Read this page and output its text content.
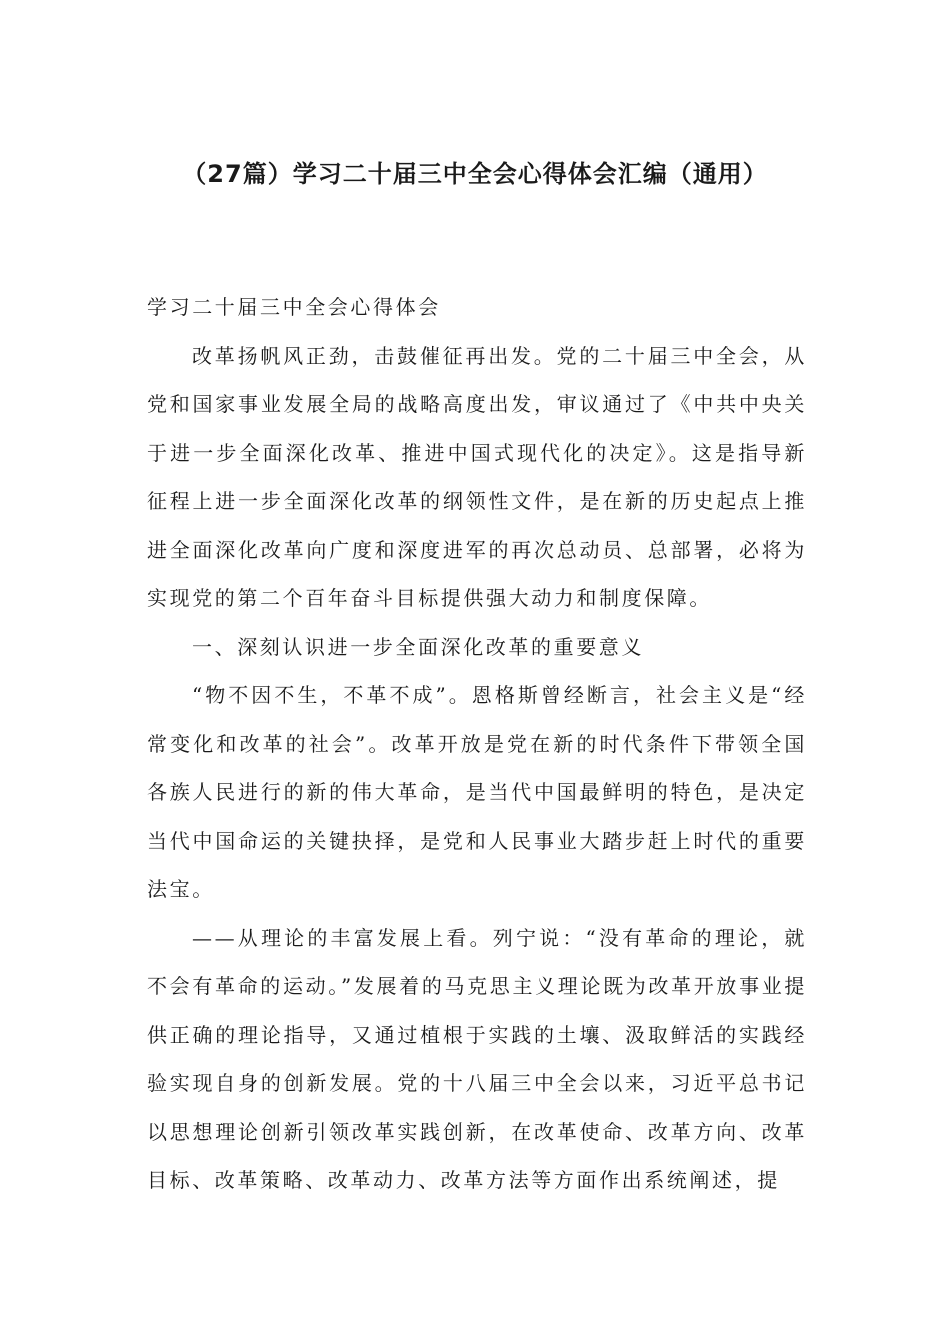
（27篇）学习二十届三中全会心得体会汇编（通用）

学习二十届三中全会心得体会

改革扬帆风正劲，击鼓催征再出发。党的二十届三中全会，从党和国家事业发展全局的战略高度出发，审议通过了《中共中央关于进一步全面深化改革、推进中国式现代化的决定》。这是指导新征程上进一步全面深化改革的纲领性文件，是在新的历史起点上推进全面深化改革向广度和深度进军的再次总动员、总部署，必将为实现党的第二个百年奋斗目标提供强大动力和制度保障。

一、深刻认识进一步全面深化改革的重要意义

“物不因不生，不革不成”。恩格斯曾经断言，社会主义是“经常变化和改革的社会”。改革开放是党在新的时代条件下带领全国各族人民进行的新的伟大革命，是当代中国最鲜明的特色，是决定当代中国命运的关键抉择，是党和人民事业大踏步赶上时代的重要法宝。

——从理论的丰富发展上看。列宁说：“没有革命的理论，就不会有革命的运动。”发展着的马克思主义理论既为改革开放事业提供正确的理论指导，又通过植根于实践的土壤、汲取鲜活的实践经验实现自身的创新发展。党的十八届三中全会以来，习近平总书记以思想理论创新引领改革实践创新，在改革使命、改革方向、改革目标、改革策略、改革动力、改革方法等方面作出系统阐述，提
